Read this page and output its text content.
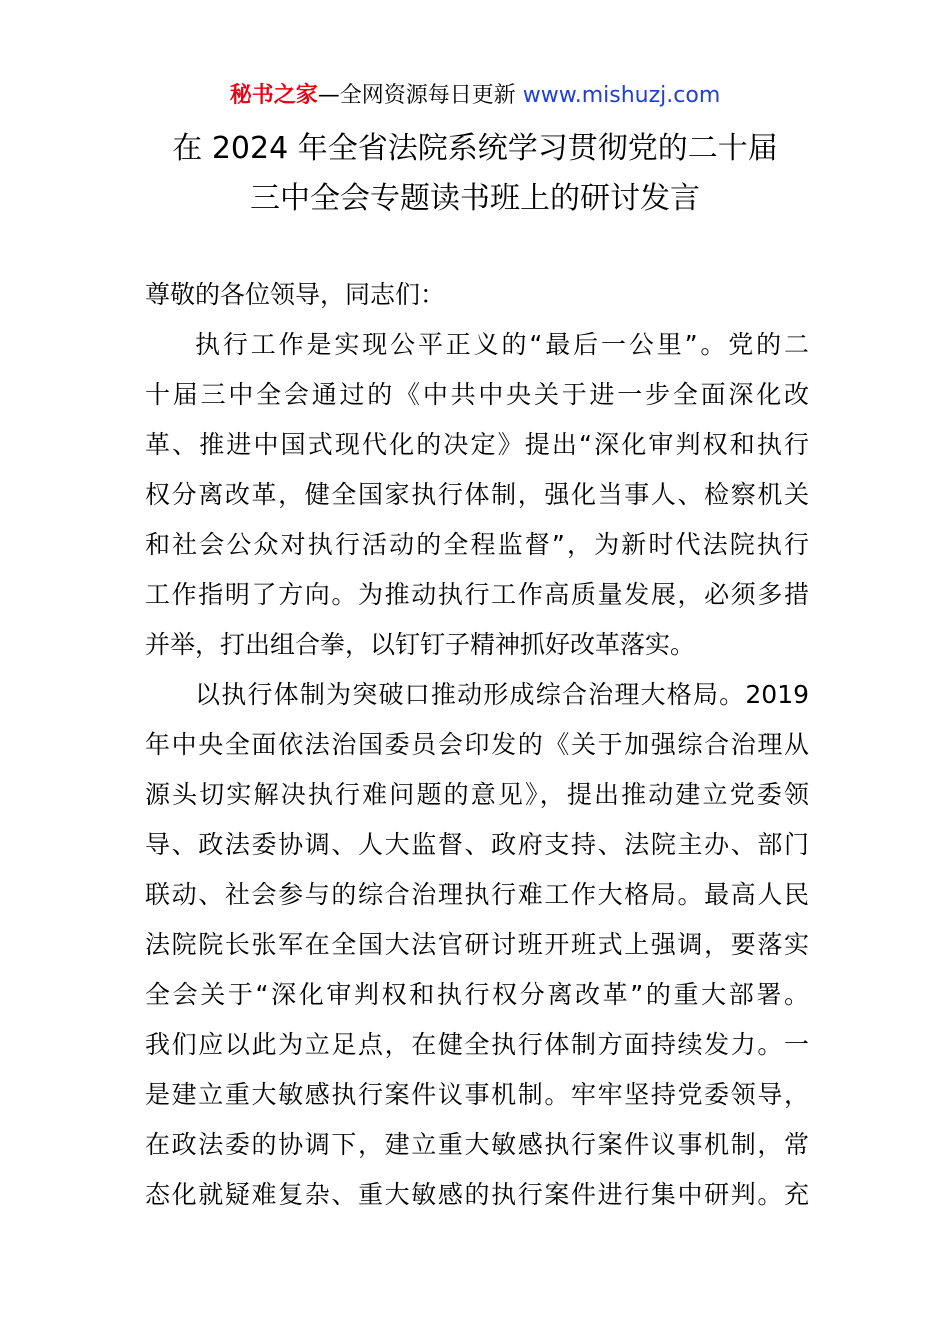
秘书之家—全网资源每日更新 www.mishuzj.com
在 2024 年全省法院系统学习贯彻党的二十届
三中全会专题读书班上的研讨发言
尊敬的各位领导，同志们：
执行工作是实现公平正义的“最后一公里”。党的二
十届三中全会通过的《中共中央关于进一步全面深化改
革、推进中国式现代化的决定》提出“深化审判权和执行
权分离改革，健全国家执行体制，强化当事人、检察机关
和社会公众对执行活动的全程监督”，为新时代法院执行
工作指明了方向。为推动执行工作高质量发展，必须多措
并举，打出组合拳，以钉钉子精神抓好改革落实。
以执行体制为突破口推动形成综合治理大格局。2019
年中央全面依法治国委员会印发的《关于加强综合治理从
源头切实解决执行难问题的意见》，提出推动建立党委领
导、政法委协调、人大监督、政府支持、法院主办、部门
联动、社会参与的综合治理执行难工作大格局。最高人民
法院院长张军在全国大法官研讨班开班式上强调，要落实
全会关于“深化审判权和执行权分离改革”的重大部署。
我们应以此为立足点，在健全执行体制方面持续发力。一
是建立重大敏感执行案件议事机制。牢牢坚持党委领导，
在政法委的协调下，建立重大敏感执行案件议事机制，常
态化就疑难复杂、重大敏感的执行案件进行集中研判。充
